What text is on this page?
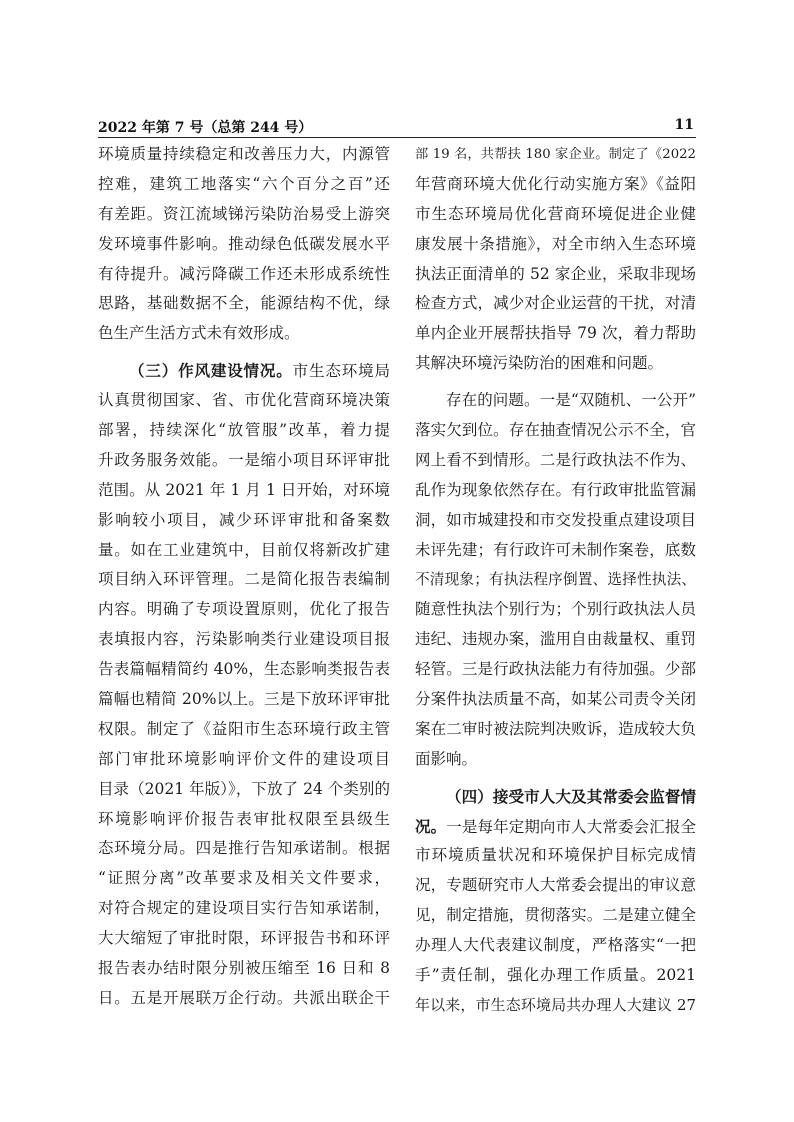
2022 年第 7 号（总第 244 号）	11
环境质量持续稳定和改善压力大，内源管
控难，建筑工地落实“六个百分之百”还
有差距。资江流域锑污染防治易受上游突
发环境事件影响。推动绿色低碳发展水平
有待提升。减污降碳工作还未形成系统性
思路，基础数据不全，能源结构不优，绿
色生产生活方式未有效形成。
（三）作风建设情况。市生态环境局
认真贯彻国家、省、市优化营商环境决策
部署，持续深化“放管服”改革，着力提
升政务服务效能。一是缩小项目环评审批
范围。从 2021 年 1 月 1 日开始，对环境
影响较小项目，减少环评审批和备案数
量。如在工业建筑中，目前仅将新改扩建
项目纳入环评管理。二是简化报告表编制
内容。明确了专项设置原则，优化了报告
表填报内容，污染影响类行业建设项目报
告表篇幅精简约 40%，生态影响类报告表
篇幅也精简 20%以上。三是下放环评审批
权限。制定了《益阳市生态环境行政主管
部门审批环境影响评价文件的建设项目
目录（2021 年版）》，下放了 24 个类别的
环境影响评价报告表审批权限至县级生
态环境分局。四是推行告知承诺制。根据
“证照分离”改革要求及相关文件要求，
对符合规定的建设项目实行告知承诺制，
大大缩短了审批时限，环评报告书和环评
报告表办结时限分别被压缩至 16 日和 8
日。五是开展联万企行动。共派出联企干
部 19 名，共帮扶 180 家企业。制定了《2022
年营商环境大优化行动实施方案》《益阳
市生态环境局优化营商环境促进企业健
康发展十条措施》，对全市纳入生态环境
执法正面清单的 52 家企业，采取非现场
检查方式，减少对企业运营的干扰，对清
单内企业开展帮扶指导 79 次，着力帮助
其解决环境污染防治的困难和问题。
存在的问题。一是“双随机、一公开”
落实欠到位。存在抽查情况公示不全，官
网上看不到情形。二是行政执法不作为、
乱作为现象依然存在。有行政审批监管漏
洞，如市城建投和市交发投重点建设项目
未评先建；有行政许可未制作案卷，底数
不清现象；有执法程序倒置、选择性执法、
随意性执法个别行为；个别行政执法人员
违纪、违规办案，滥用自由裁量权、重罚
轻管。三是行政执法能力有待加强。少部
分案件执法质量不高，如某公司责令关闭
案在二审时被法院判决败诉，造成较大负
面影响。
（四）接受市人大及其常委会监督情
况。一是每年定期向市人大常委会汇报全
市环境质量状况和环境保护目标完成情
况，专题研究市人大常委会提出的审议意
见，制定措施，贯彻落实。二是建立健全
办理人大代表建议制度，严格落实“一把
手”责任制，强化办理工作质量。2021
年以来，市生态环境局共办理人大建议 27
